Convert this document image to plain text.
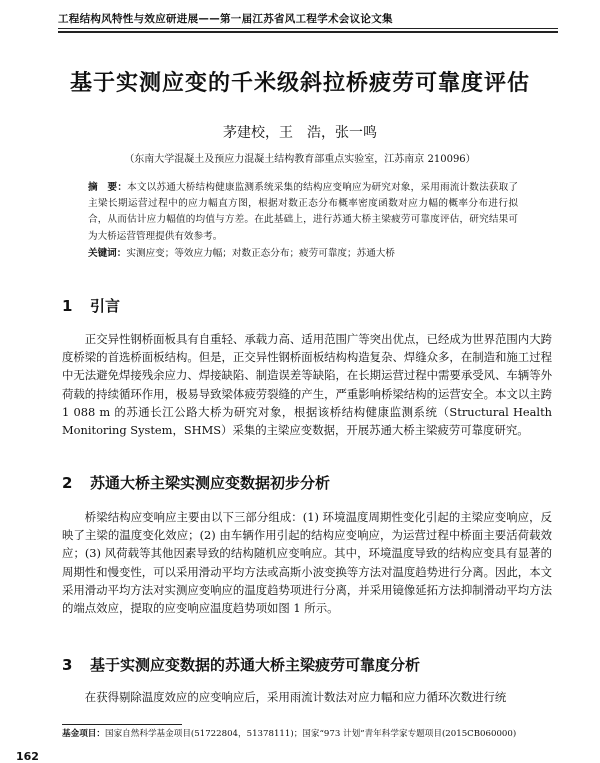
工程结构风特性与效应研进展——第一届江苏省风工程学术会议论文集
基于实测应变的千米级斜拉桥疲劳可靠度评估
茅建校，王　浩，张一鸣
（东南大学混凝土及预应力混凝土结构教育部重点实验室，江苏南京 210096）
摘　要：本文以苏通大桥结构健康监测系统采集的结构应变响应为研究对象，采用雨流计数法获取了主梁长期运营过程中的应力幅直方图，根据对数正态分布概率密度函数对应力幅的概率分布进行拟合，从而估计应力幅值的均值与方差。在此基础上，进行苏通大桥主梁疲劳可靠度评估，研究结果可为大桥运营管理提供有效参考。
关键词：实测应变；等效应力幅；对数正态分布；疲劳可靠度；苏通大桥
1 引言
正交异性钢桥面板具有自重轻、承载力高、适用范围广等突出优点，已经成为世界范围内大跨度桥梁的首选桥面板结构。但是，正交异性钢桥面板结构构造复杂、焊缝众多，在制造和施工过程中无法避免焊接残余应力、焊接缺陷、制造误差等缺陷，在长期运营过程中需要承受风、车辆等外荷载的持续循环作用，极易导致梁体疲劳裂缝的产生，严重影响桥梁结构的运营安全。本文以主跨 1 088 m 的苏通长江公路大桥为研究对象，根据该桥结构健康监测系统（Structural Health Monitoring System，SHMS）采集的主梁应变数据，开展苏通大桥主梁疲劳可靠度研究。
2 苏通大桥主梁实测应变数据初步分析
桥梁结构应变响应主要由以下三部分组成：(1) 环境温度周期性变化引起的主梁应变响应，反映了主梁的温度变化效应；(2) 由车辆作用引起的结构应变响应，为运营过程中桥面主要活荷载效应；(3) 风荷载等其他因素导致的结构随机应变响应。其中，环境温度导致的结构应变具有显著的周期性和慢变性，可以采用滑动平均方法或高斯小波变换等方法对温度趋势进行分离。因此，本文采用滑动平均方法对实测应变响应的温度趋势项进行分离，并采用镜像延拓方法抑制滑动平均方法的端点效应，提取的应变响应温度趋势项如图 1 所示。
3 基于实测应变数据的苏通大桥主梁疲劳可靠度分析
在获得剔除温度效应的应变响应后，采用雨流计数法对应力幅和应力循环次数进行统
基金项目：国家自然科学基金项目(51722804，51378111)；国家“973 计划”青年科学家专题项目(2015CB060000)
162
